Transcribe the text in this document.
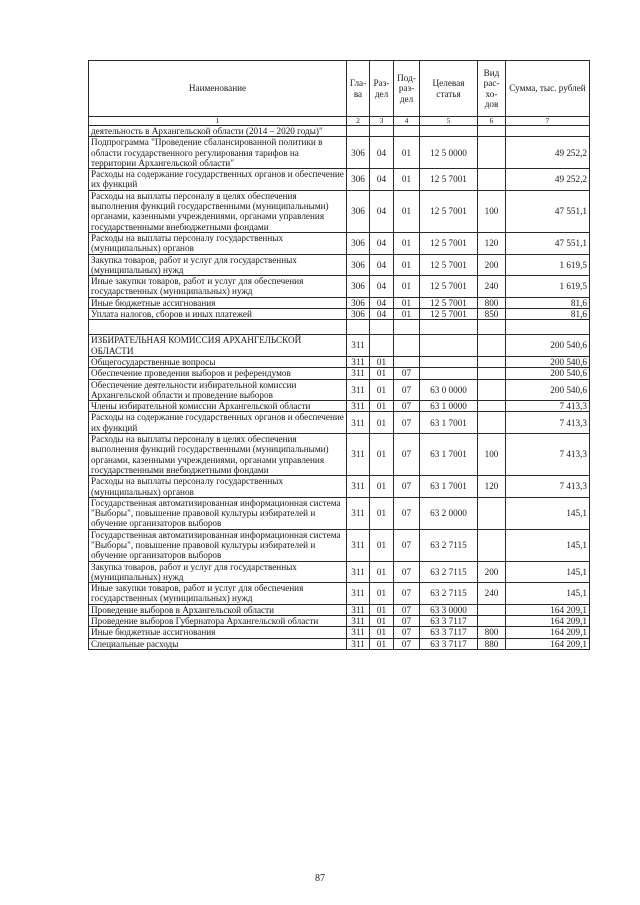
Наименование	Гла-ва	Раз-дел	Под-раз-дел	Целевая статья	Вид рас-хо-дов	Сумма, тыс. рублей
1	2	3	4	5	6	7
деятельность в Архангельской области (2014 – 2020 годы)"						
Подпрограмма "Проведение сбалансированной политики в области государственного регулирования тарифов на территории Архангельской области"	306	04	01	12 5 0000		49 252,2
Расходы на содержание государственных органов и обеспечение их функций	306	04	01	12 5 7001		49 252,2
Расходы на выплаты персоналу в целях обеспечения выполнения функций государственными (муниципальными) органами, казенными учреждениями, органами управления государственными внебюджетными фондами	306	04	01	12 5 7001	100	47 551,1
Расходы на выплаты персоналу государственных (муниципальных) органов	306	04	01	12 5 7001	120	47 551,1
Закупка товаров, работ и услуг для государственных (муниципальных) нужд	306	04	01	12 5 7001	200	1 619,5
Иные закупки товаров, работ и услуг для обеспечения государственных (муниципальных) нужд	306	04	01	12 5 7001	240	1 619,5
Иные бюджетные ассигнования	306	04	01	12 5 7001	800	81,6
Уплата налогов, сборов и иных платежей	306	04	01	12 5 7001	850	81,6

ИЗБИРАТЕЛЬНАЯ КОМИССИЯ АРХАНГЕЛЬСКОЙ ОБЛАСТИ	311					200 540,6
Общегосударственные вопросы	311	01				200 540,6
Обеспечение проведения выборов и референдумов	311	01	07			200 540,6
Обеспечение деятельности избирательной комиссии Архангельской области и проведение выборов	311	01	07	63 0 0000		200 540,6
Члены избирательной комиссии Архангельской области	311	01	07	63 1 0000		7 413,3
Расходы на содержание государственных органов и обеспечение их функций	311	01	07	63 1 7001		7 413,3
Расходы на выплаты персоналу в целях обеспечения выполнения функций государственными (муниципальными) органами, казенными учреждениями, органами управления государственными внебюджетными фондами	311	01	07	63 1 7001	100	7 413,3
Расходы на выплаты персоналу государственных (муниципальных) органов	311	01	07	63 1 7001	120	7 413,3
Государственная автоматизированная информационная система "Выборы", повышение правовой культуры избирателей и обучение организаторов выборов	311	01	07	63 2 0000		145,1
Государственная автоматизированная информационная система "Выборы", повышение правовой культуры избирателей и обучение организаторов выборов	311	01	07	63 2 7115		145,1
Закупка товаров, работ и услуг для государственных (муниципальных) нужд	311	01	07	63 2 7115	200	145,1
Иные закупки товаров, работ и услуг для обеспечения государственных (муниципальных) нужд	311	01	07	63 2 7115	240	145,1
Проведение выборов в Архангельской области	311	01	07	63 3 0000		164 209,1
Проведение выборов Губернатора Архангельской области	311	01	07	63 3 7117		164 209,1
Иные бюджетные ассигнования	311	01	07	63 3 7117	800	164 209,1
Специальные расходы	311	01	07	63 3 7117	880	164 209,1
87
